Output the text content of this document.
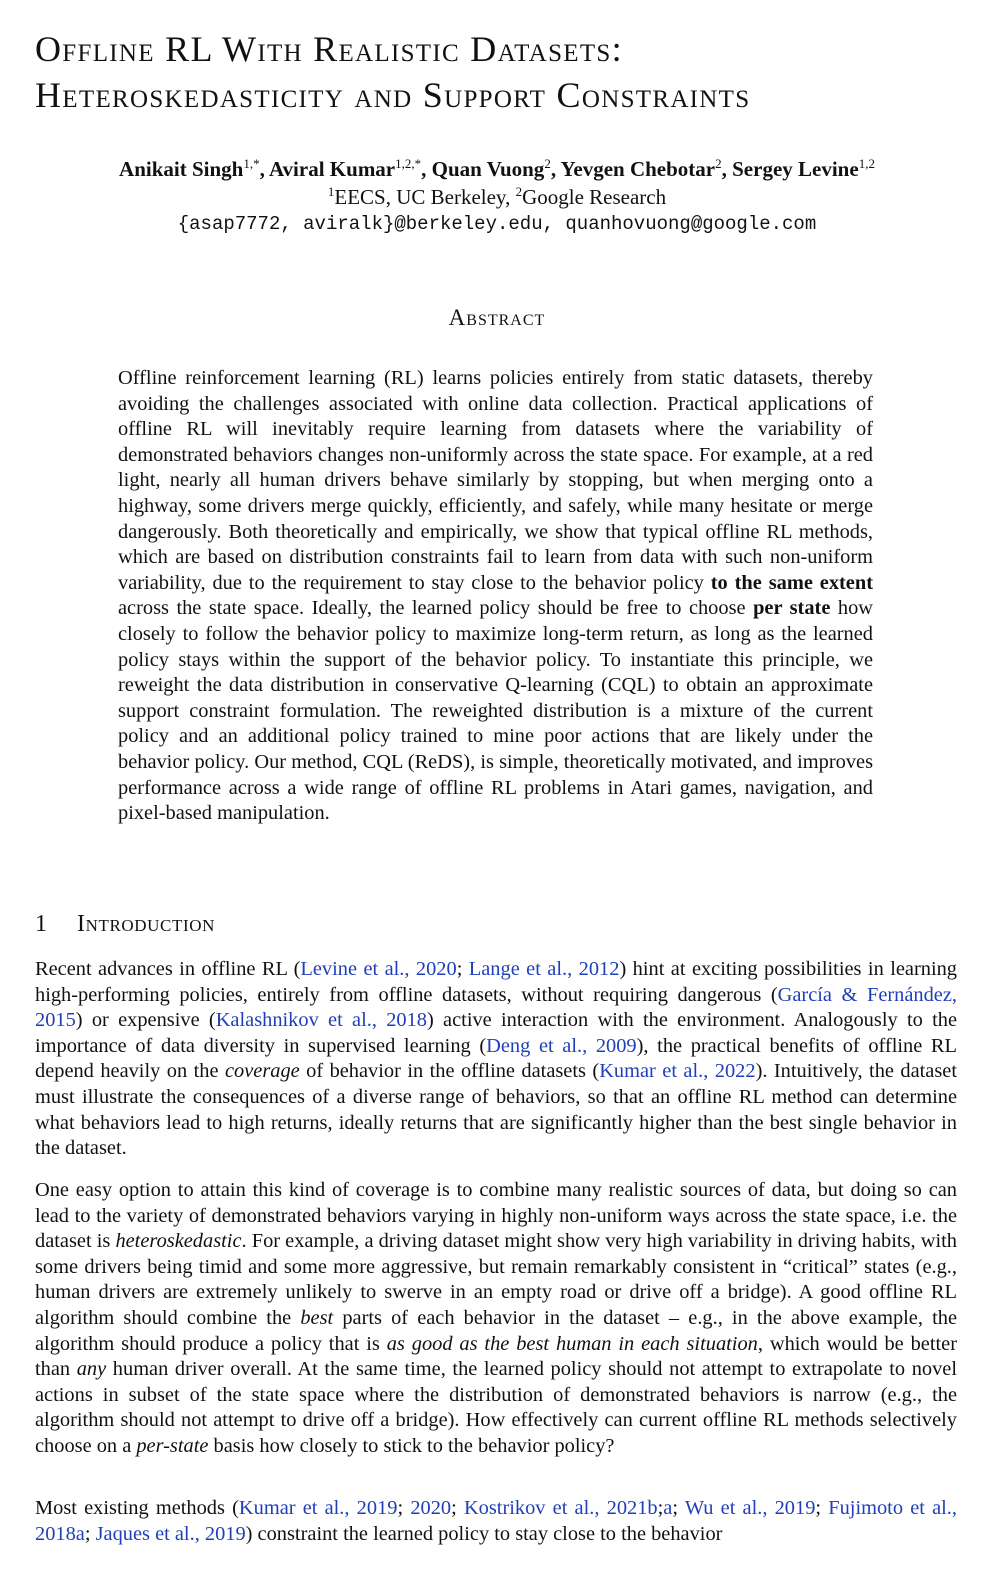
Offline RL With Realistic Datasets:
Heteroskedasticity and Support Constraints
Anikait Singh$^{1,*}$, Aviral Kumar$^{1,2,*}$, Quan Vuong$^2$, Yevgen Chebotar$^2$, Sergey Levine$^{1,2}$
$^1$EECS, UC Berkeley, $^2$Google Research
{asap7772, aviralk}@berkeley.edu, quanhovuong@google.com
Abstract

Offline reinforcement learning (RL) learns policies entirely from static datasets, thereby avoiding the challenges associated with online data collection. Practical applications of offline RL will inevitably require learning from datasets where the variability of demonstrated behaviors changes non-uniformly across the state space. For example, at a red light, nearly all human drivers behave similarly by stopping, but when merging onto a highway, some drivers merge quickly, efficiently, and safely, while many hesitate or merge dangerously. Both theoretically and empirically, we show that typical offline RL methods, which are based on distribution constraints fail to learn from data with such non-uniform variability, due to the requirement to stay close to the behavior policy to the same extent across the state space. Ideally, the learned policy should be free to choose per state how closely to follow the behavior policy to maximize long-term return, as long as the learned policy stays within the support of the behavior policy. To instantiate this principle, we reweight the data distribution in conservative Q-learning (CQL) to obtain an approximate support constraint formulation. The reweighted distribution is a mixture of the current policy and an additional policy trained to mine poor actions that are likely under the behavior policy. Our method, CQL (ReDS), is simple, theoretically motivated, and improves performance across a wide range of offline RL problems in Atari games, navigation, and pixel-based manipulation.

1 Introduction

Recent advances in offline RL (Levine et al., 2020; Lange et al., 2012) hint at exciting possibilities in learning high-performing policies, entirely from offline datasets, without requiring dangerous (García & Fernández, 2015) or expensive (Kalashnikov et al., 2018) active interaction with the environment. Analogously to the importance of data diversity in supervised learning (Deng et al., 2009), the practical benefits of offline RL depend heavily on the coverage of behavior in the offline datasets (Kumar et al., 2022). Intuitively, the dataset must illustrate the consequences of a diverse range of behaviors, so that an offline RL method can determine what behaviors lead to high returns, ideally returns that are significantly higher than the best single behavior in the dataset.

One easy option to attain this kind of coverage is to combine many realistic sources of data, but doing so can lead to the variety of demonstrated behaviors varying in highly non-uniform ways across the state space, i.e. the dataset is heteroskedastic. For example, a driving dataset might show very high variability in driving habits, with some drivers being timid and some more aggressive, but remain remarkably consistent in “critical” states (e.g., human drivers are extremely unlikely to swerve in an empty road or drive off a bridge). A good offline RL algorithm should combine the best parts of each behavior in the dataset – e.g., in the above example, the algorithm should produce a policy that is as good as the best human in each situation, which would be better than any human driver overall. At the same time, the learned policy should not attempt to extrapolate to novel actions in subset of the state space where the distribution of demonstrated behaviors is narrow (e.g., the algorithm should not attempt to drive off a bridge). How effectively can current offline RL methods selectively choose on a per-state basis how closely to stick to the behavior policy?

Most existing methods (Kumar et al., 2019; 2020; Kostrikov et al., 2021b;a; Wu et al., 2019; Fujimoto et al., 2018a; Jaques et al., 2019) constraint the learned policy to stay close to the behavior
